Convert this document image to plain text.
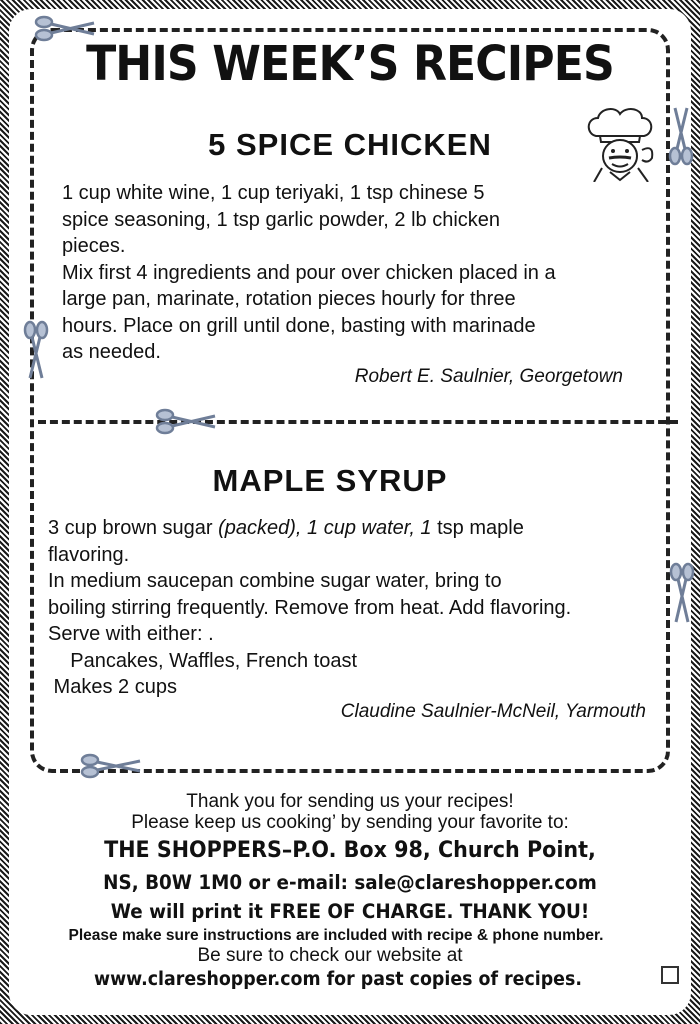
THIS WEEK’S RECIPES
5 SPICE CHICKEN
1 cup white wine, 1 cup teriyaki, 1 tsp chinese 5
spice seasoning, 1 tsp garlic powder, 2 lb chicken
pieces.
Mix first 4 ingredients and pour over chicken placed in a
large pan, marinate, rotation pieces hourly for three
hours. Place on grill until done, basting with marinade
as needed.
Robert E. Saulnier, Georgetown
MAPLE SYRUP
3 cup brown sugar (packed), 1 cup water, 1 tsp maple
flavoring.
In medium saucepan combine sugar water, bring to
boiling stirring frequently. Remove from heat. Add flavoring.
Serve with either: .
Pancakes, Waffles, French toast
Makes 2 cups
Claudine Saulnier-McNeil, Yarmouth

Thank you for sending us your recipes!

Please keep us cooking’ by sending your favorite to:

THE SHOPPERS–P.O. Box 98, Church Point,

NS, B0W 1M0 or e-mail: sale@clareshopper.com

We will print it FREE OF CHARGE. THANK YOU!

Please make sure instructions are included with recipe & phone number.

Be sure to check our website at

www.clareshopper.com for past copies of recipes.
